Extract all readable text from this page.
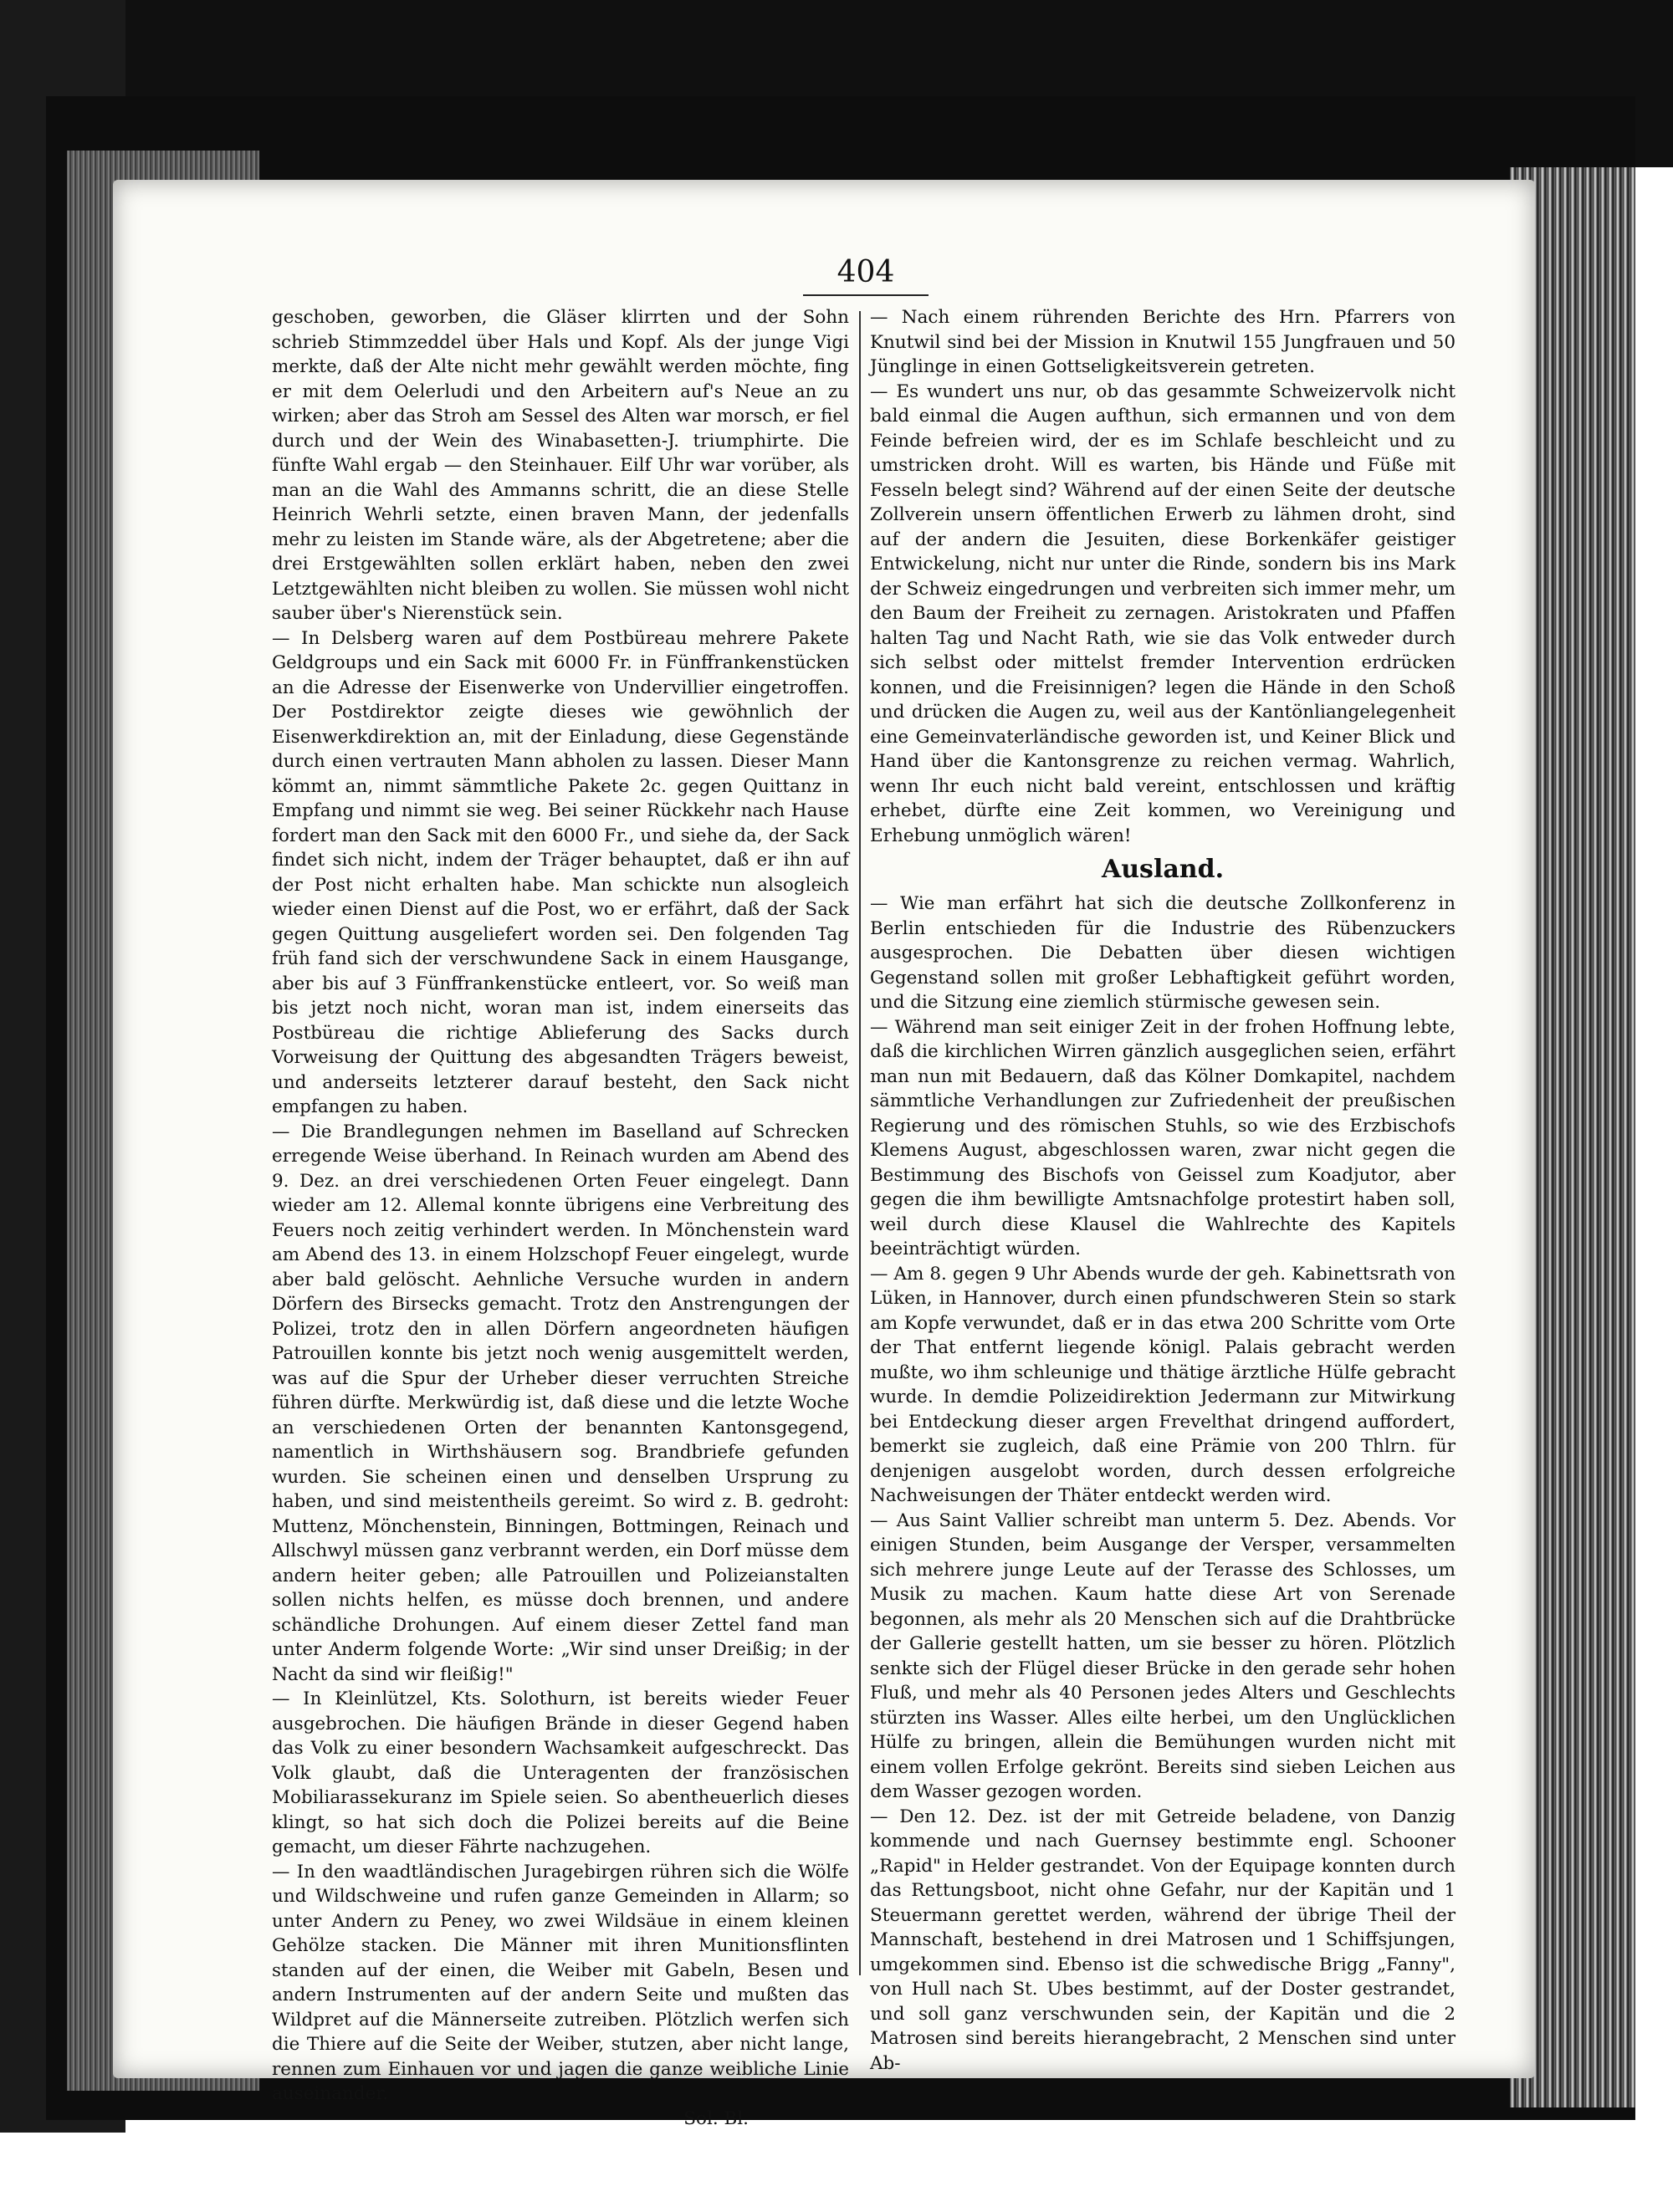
404

geschoben, geworben, die Gläser klirrten und der Sohn schrieb Stimmzeddel über Hals und Kopf. Als der junge Vigi merkte, daß der Alte nicht mehr gewählt werden möchte, fing er mit dem Oelerludi und den Arbeitern auf's Neue an zu wirken; aber das Stroh am Sessel des Alten war morsch, er fiel durch und der Wein des Winabasetten-J. triumphirte. Die fünfte Wahl ergab — den Steinhauer. Eilf Uhr war vorüber, als man an die Wahl des Ammanns schritt, die an diese Stelle Heinrich Wehrli setzte, einen braven Mann, der jedenfalls mehr zu leisten im Stande wäre, als der Abgetretene; aber die drei Erstgewählten sollen erklärt haben, neben den zwei Letztgewählten nicht bleiben zu wollen. Sie müssen wohl nicht sauber über's Nierenstück sein.

— In Delsberg waren auf dem Postbüreau mehrere Pakete Geldgroups und ein Sack mit 6000 Fr. in Fünffrankenstücken an die Adresse der Eisenwerke von Undervillier eingetroffen. Der Postdirektor zeigte dieses wie gewöhnlich der Eisenwerkdirektion an, mit der Einladung, diese Gegenstände durch einen vertrauten Mann abholen zu lassen. Dieser Mann kömmt an, nimmt sämmtliche Pakete 2c. gegen Quittanz in Empfang und nimmt sie weg. Bei seiner Rückkehr nach Hause fordert man den Sack mit den 6000 Fr., und siehe da, der Sack findet sich nicht, indem der Träger behauptet, daß er ihn auf der Post nicht erhalten habe. Man schickte nun alsogleich wieder einen Dienst auf die Post, wo er erfährt, daß der Sack gegen Quittung ausgeliefert worden sei. Den folgenden Tag früh fand sich der verschwundene Sack in einem Hausgange, aber bis auf 3 Fünffrankenstücke entleert, vor. So weiß man bis jetzt noch nicht, woran man ist, indem einerseits das Postbüreau die richtige Ablieferung des Sacks durch Vorweisung der Quittung des abgesandten Trägers beweist, und anderseits letzterer darauf besteht, den Sack nicht empfangen zu haben.

— Die Brandlegungen nehmen im Baselland auf Schrecken erregende Weise überhand. In Reinach wurden am Abend des 9. Dez. an drei verschiedenen Orten Feuer eingelegt. Dann wieder am 12. Allemal konnte übrigens eine Verbreitung des Feuers noch zeitig verhindert werden. In Mönchenstein ward am Abend des 13. in einem Holzschopf Feuer eingelegt, wurde aber bald gelöscht. Aehnliche Versuche wurden in andern Dörfern des Birsecks gemacht. Trotz den Anstrengungen der Polizei, trotz den in allen Dörfern angeordneten häufigen Patrouillen konnte bis jetzt noch wenig ausgemittelt werden, was auf die Spur der Urheber dieser verruchten Streiche führen dürfte. Merkwürdig ist, daß diese und die letzte Woche an verschiedenen Orten der benannten Kantonsgegend, namentlich in Wirthshäusern sog. Brandbriefe gefunden wurden. Sie scheinen einen und denselben Ursprung zu haben, und sind meistentheils gereimt. So wird z. B. gedroht: Muttenz, Mönchenstein, Binningen, Bottmingen, Reinach und Allschwyl müssen ganz verbrannt werden, ein Dorf müsse dem andern heiter geben; alle Patrouillen und Polizeianstalten sollen nichts helfen, es müsse doch brennen, und andere schändliche Drohungen. Auf einem dieser Zettel fand man unter Anderm folgende Worte: „Wir sind unser Dreißig; in der Nacht da sind wir fleißig!"

— In Kleinlützel, Kts. Solothurn, ist bereits wieder Feuer ausgebrochen. Die häufigen Brände in dieser Gegend haben das Volk zu einer besondern Wachsamkeit aufgeschreckt. Das Volk glaubt, daß die Unteragenten der französischen Mobiliarassekuranz im Spiele seien. So abentheuerlich dieses klingt, so hat sich doch die Polizei bereits auf die Beine gemacht, um dieser Fährte nachzugehen.

— In den waadtländischen Juragebirgen rühren sich die Wölfe und Wildschweine und rufen ganze Gemeinden in Allarm; so unter Andern zu Peney, wo zwei Wildsäue in einem kleinen Gehölze stacken. Die Männer mit ihren Munitionsflinten standen auf der einen, die Weiber mit Gabeln, Besen und andern Instrumenten auf der andern Seite und mußten das Wildpret auf die Männerseite zutreiben. Plötzlich werfen sich die Thiere auf die Seite der Weiber, stutzen, aber nicht lange, rennen zum Einhauen vor und jagen die ganze weibliche Linie auseinander.

Sol. Bl.

— Nach einem rührenden Berichte des Hrn. Pfarrers von Knutwil sind bei der Mission in Knutwil 155 Jungfrauen und 50 Jünglinge in einen Gottseligkeitsverein getreten.

— Es wundert uns nur, ob das gesammte Schweizervolk nicht bald einmal die Augen aufthun, sich ermannen und von dem Feinde befreien wird, der es im Schlafe beschleicht und zu umstricken droht. Will es warten, bis Hände und Füße mit Fesseln belegt sind? Während auf der einen Seite der deutsche Zollverein unsern öffentlichen Erwerb zu lähmen droht, sind auf der andern die Jesuiten, diese Borkenkäfer geistiger Entwickelung, nicht nur unter die Rinde, sondern bis ins Mark der Schweiz eingedrungen und verbreiten sich immer mehr, um den Baum der Freiheit zu zernagen. Aristokraten und Pfaffen halten Tag und Nacht Rath, wie sie das Volk entweder durch sich selbst oder mittelst fremder Intervention erdrücken konnen, und die Freisinnigen? legen die Hände in den Schoß und drücken die Augen zu, weil aus der Kantönliangelegenheit eine Gemeinvaterländische geworden ist, und Keiner Blick und Hand über die Kantonsgrenze zu reichen vermag. Wahrlich, wenn Ihr euch nicht bald vereint, entschlossen und kräftig erhebet, dürfte eine Zeit kommen, wo Vereinigung und Erhebung unmöglich wären!

Ausland.

— Wie man erfährt hat sich die deutsche Zollkonferenz in Berlin entschieden für die Industrie des Rübenzuckers ausgesprochen. Die Debatten über diesen wichtigen Gegenstand sollen mit großer Lebhaftigkeit geführt worden, und die Sitzung eine ziemlich stürmische gewesen sein.

— Während man seit einiger Zeit in der frohen Hoffnung lebte, daß die kirchlichen Wirren gänzlich ausgeglichen seien, erfährt man nun mit Bedauern, daß das Kölner Domkapitel, nachdem sämmtliche Verhandlungen zur Zufriedenheit der preußischen Regierung und des römischen Stuhls, so wie des Erzbischofs Klemens August, abgeschlossen waren, zwar nicht gegen die Bestimmung des Bischofs von Geissel zum Koadjutor, aber gegen die ihm bewilligte Amtsnachfolge protestirt haben soll, weil durch diese Klausel die Wahlrechte des Kapitels beeinträchtigt würden.

— Am 8. gegen 9 Uhr Abends wurde der geh. Kabinettsrath von Lüken, in Hannover, durch einen pfundschweren Stein so stark am Kopfe verwundet, daß er in das etwa 200 Schritte vom Orte der That entfernt liegende königl. Palais gebracht werden mußte, wo ihm schleunige und thätige ärztliche Hülfe gebracht wurde. In demdie Polizeidirektion Jedermann zur Mitwirkung bei Entdeckung dieser argen Frevelthat dringend auffordert, bemerkt sie zugleich, daß eine Prämie von 200 Thlrn. für denjenigen ausgelobt worden, durch dessen erfolgreiche Nachweisungen der Thäter entdeckt werden wird.

— Aus Saint Vallier schreibt man unterm 5. Dez. Abends. Vor einigen Stunden, beim Ausgange der Versper, versammelten sich mehrere junge Leute auf der Terasse des Schlosses, um Musik zu machen. Kaum hatte diese Art von Serenade begonnen, als mehr als 20 Menschen sich auf die Drahtbrücke der Gallerie gestellt hatten, um sie besser zu hören. Plötzlich senkte sich der Flügel dieser Brücke in den gerade sehr hohen Fluß, und mehr als 40 Personen jedes Alters und Geschlechts stürzten ins Wasser. Alles eilte herbei, um den Unglücklichen Hülfe zu bringen, allein die Bemühungen wurden nicht mit einem vollen Erfolge gekrönt. Bereits sind sieben Leichen aus dem Wasser gezogen worden.

— Den 12. Dez. ist der mit Getreide beladene, von Danzig kommende und nach Guernsey bestimmte engl. Schooner „Rapid" in Helder gestrandet. Von der Equipage konnten durch das Rettungsboot, nicht ohne Gefahr, nur der Kapitän und 1 Steuermann gerettet werden, während der übrige Theil der Mannschaft, bestehend in drei Matrosen und 1 Schiffsjungen, umgekommen sind. Ebenso ist die schwedische Brigg „Fanny", von Hull nach St. Ubes bestimmt, auf der Doster gestrandet, und soll ganz verschwunden sein, der Kapitän und die 2 Matrosen sind bereits hierangebracht, 2 Menschen sind unter Ab-
